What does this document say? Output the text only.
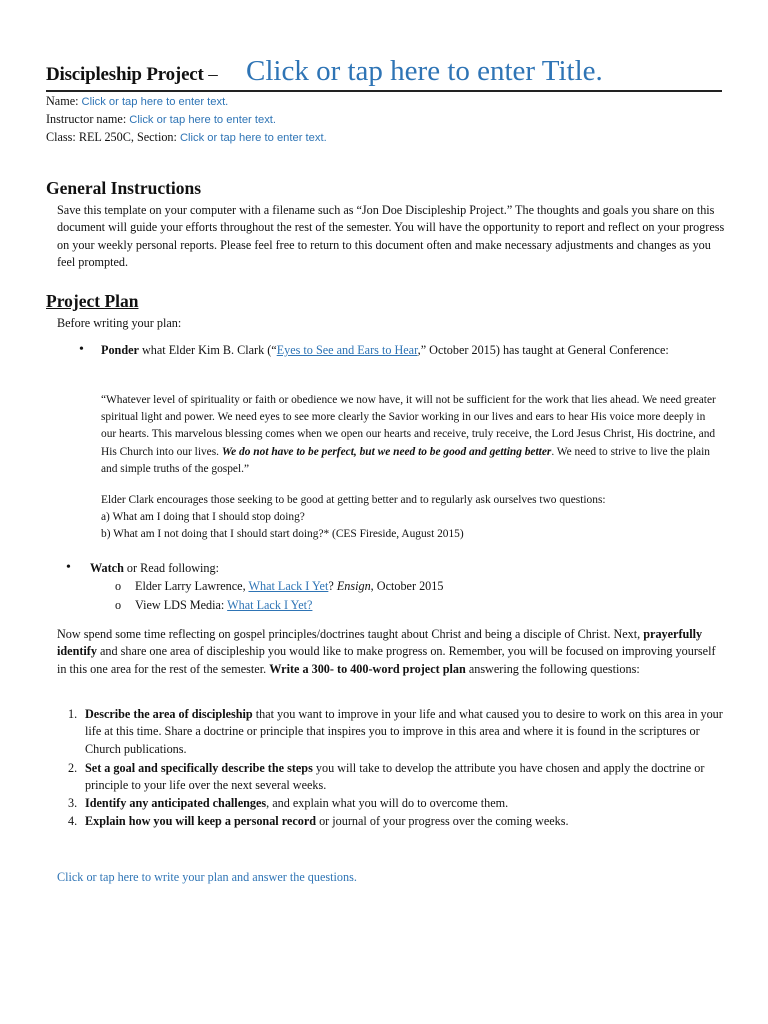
Discipleship Project – Click or tap here to enter Title.
Name: Click or tap here to enter text.
Instructor name: Click or tap here to enter text.
Class: REL 250C, Section: Click or tap here to enter text.
General Instructions
Save this template on your computer with a filename such as “Jon Doe Discipleship Project.” The thoughts and goals you share on this document will guide your efforts throughout the rest of the semester. You will have the opportunity to report and reflect on your progress on your weekly personal reports. Please feel free to return to this document often and make necessary adjustments and changes as you feel prompted.
Project Plan
Before writing your plan:
• Ponder what Elder Kim B. Clark (“Eyes to See and Ears to Hear,” October 2015) has taught at General Conference:
“Whatever level of spirituality or faith or obedience we now have, it will not be sufficient for the work that lies ahead. We need greater spiritual light and power. We need eyes to see more clearly the Savior working in our lives and ears to hear His voice more deeply in our hearts. This marvelous blessing comes when we open our hearts and receive, truly receive, the Lord Jesus Christ, His doctrine, and His Church into our lives. We do not have to be perfect, but we need to be good and getting better. We need to strive to live the plain and simple truths of the gospel.”
Elder Clark encourages those seeking to be good at getting better and to regularly ask ourselves two questions:
a) What am I doing that I should stop doing?
b) What am I not doing that I should start doing?* (CES Fireside, August 2015)
• Watch or Read following:
o Elder Larry Lawrence, What Lack I Yet? Ensign, October 2015
o View LDS Media: What Lack I Yet?
Now spend some time reflecting on gospel principles/doctrines taught about Christ and being a disciple of Christ. Next, prayerfully identify and share one area of discipleship you would like to make progress on. Remember, you will be focused on improving yourself in this one area for the rest of the semester. Write a 300- to 400-word project plan answering the following questions:
1. Describe the area of discipleship that you want to improve in your life and what caused you to desire to work on this area in your life at this time. Share a doctrine or principle that inspires you to improve in this area and where it is found in the scriptures or Church publications.
2. Set a goal and specifically describe the steps you will take to develop the attribute you have chosen and apply the doctrine or principle to your life over the next several weeks.
3. Identify any anticipated challenges, and explain what you will do to overcome them.
4. Explain how you will keep a personal record or journal of your progress over the coming weeks.
Click or tap here to write your plan and answer the questions.
